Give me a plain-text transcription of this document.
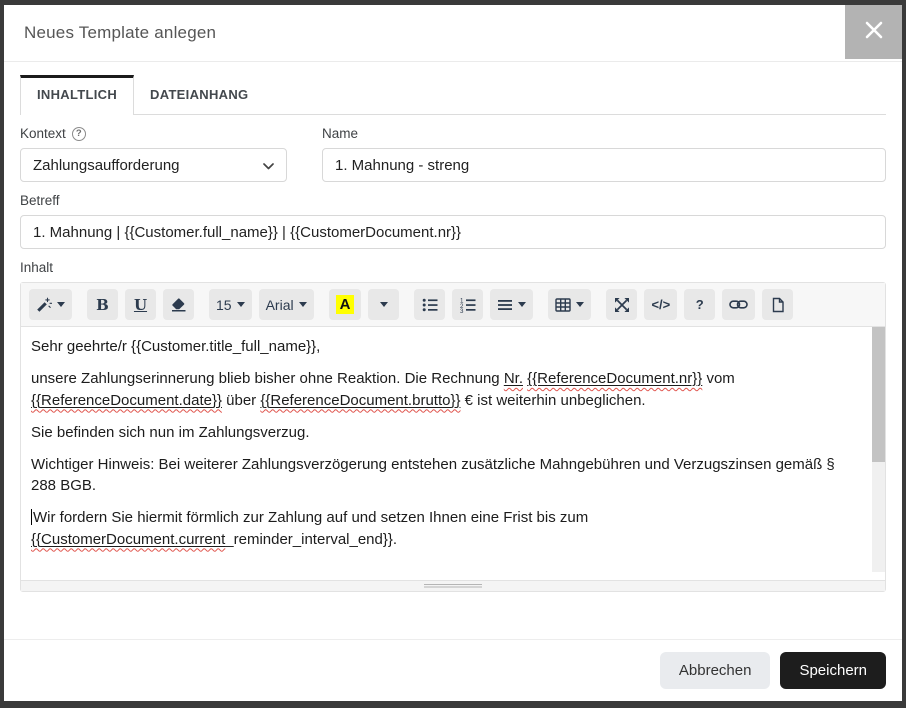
Neues Template anlegen
INHALTLICH	DATEIANHANG
Kontext	?
Zahlungsaufforderung
Name
1. Mahnung - streng
Betreff
1. Mahnung | {{Customer.full_name}} | {{CustomerDocument.nr}}
Inhalt
B U	15 Arial	A	1
2
3	</> ?

Sehr geehrte/r {{Customer.title_full_name}},

unsere Zahlungserinnerung blieb bisher ohne Reaktion. Die Rechnung Nr. {{ReferenceDocument.nr}} vom {{ReferenceDocument.date}} über {{ReferenceDocument.brutto}} € ist weiterhin unbeglichen.

Sie befinden sich nun im Zahlungsverzug.

Wichtiger Hinweis: Bei weiterer Zahlungsverzögerung entstehen zusätzliche Mahngebühren und Verzugszinsen gemäß § 288 BGB.

Wir fordern Sie hiermit förmlich zur Zahlung auf und setzen Ihnen eine Frist bis zum {{CustomerDocument.current_reminder_interval_end}}.

Abbrechen	Speichern
